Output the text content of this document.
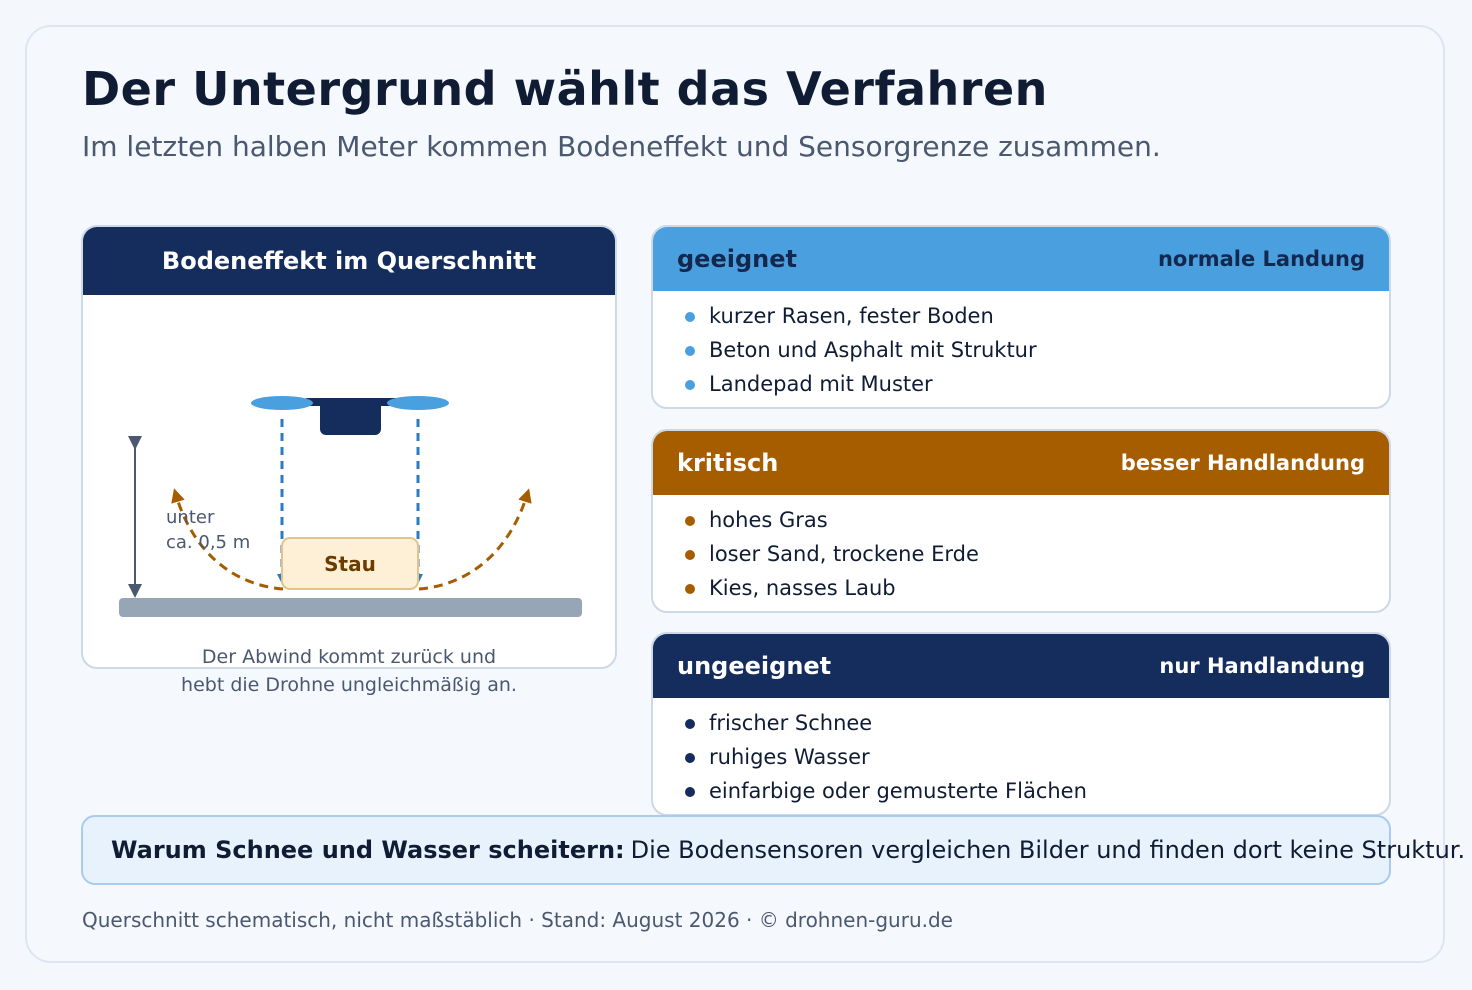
Der Untergrund wählt das Verfahren
Im letzten halben Meter kommen Bodeneffekt und Sensorgrenze zusammen.
Bodeneffekt im Querschnitt
Stau
unter
ca. 0,5 m
Der Abwind kommt zurück und
hebt die Drohne ungleichmäßig an.
geeignet	normale Landung
kurzer Rasen, fester Boden
Beton und Asphalt mit Struktur
Landepad mit Muster
kritisch	besser Handlandung
hohes Gras
loser Sand, trockene Erde
Kies, nasses Laub
ungeeignet	nur Handlandung
frischer Schnee
ruhiges Wasser
einfarbige oder gemusterte Flächen
Warum Schnee und Wasser scheitern: Die Bodensensoren vergleichen Bilder und finden dort keine Struktur.
Querschnitt schematisch, nicht maßstäblich · Stand: August 2026 · © drohnen-guru.de
